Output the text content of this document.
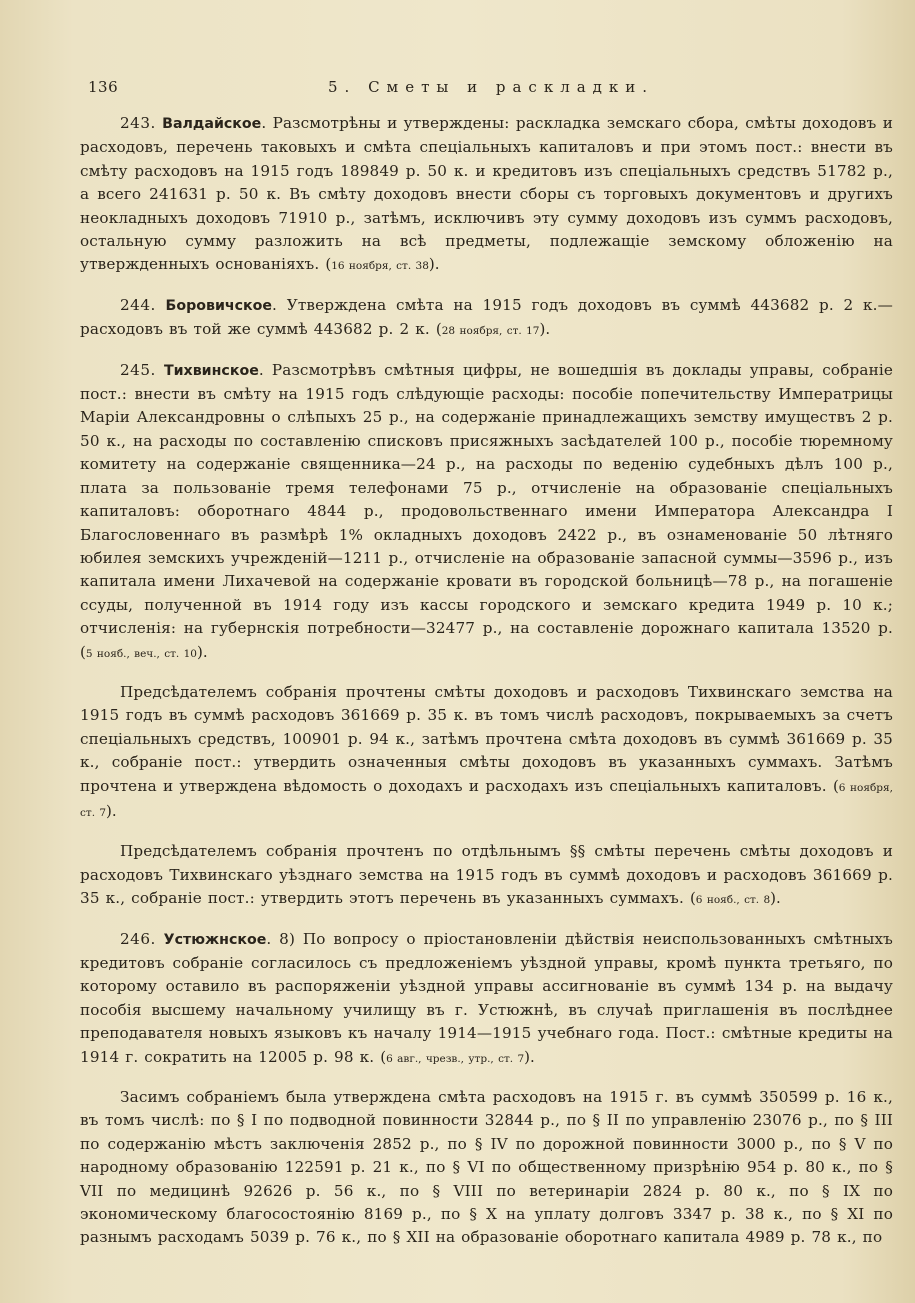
136	5. Сметы и раскладки.

243. Валдайское. Разсмотрѣны и утверждены: раскладка земскаго сбора, смѣты доходовъ и расходовъ, перечень таковыхъ и смѣта спеціальныхъ капиталовъ и при этомъ пост.: внести въ смѣту расходовъ на 1915 годъ 189849 р. 50 к. и кредитовъ изъ спеціальныхъ средствъ 51782 р., а всего 241631 р. 50 к. Въ смѣту доходовъ внести сборы съ торговыхъ документовъ и другихъ неокладныхъ доходовъ 71910 р., затѣмъ, исключивъ эту сумму доходовъ изъ суммъ расходовъ, остальную сумму разложить на всѣ предметы, подлежащіе земскому обложенію на утвержденныхъ основаніяхъ. ( 16 ноября, ст. 38 ).

244. Боровичское. Утверждена смѣта на 1915 годъ доходовъ въ суммѣ 443682 р. 2 к.—расходовъ въ той же суммѣ 443682 р. 2 к. ( 28 ноября, ст. 17 ).

245. Тихвинское. Разсмотрѣвъ смѣтныя цифры, не вошедшія въ доклады управы, собраніе пост.: внести въ смѣту на 1915 годъ слѣдующіе расходы: пособіе попечительству Императрицы Маріи Александровны о слѣпыхъ 25 р., на содержаніе принадлежащихъ земству имуществъ 2 р. 50 к., на расходы по составленію списковъ присяжныхъ засѣдателей 100 р., пособіе тюремному комитету на содержаніе священника—24 р., на расходы по веденію судебныхъ дѣлъ 100 р., плата за пользованіе тремя телефонами 75 р., отчисленіе на образованіе спеціальныхъ капиталовъ: оборотнаго 4844 р., продовольственнаго имени Императора Александра I Благословеннаго въ размѣрѣ 1% окладныхъ доходовъ 2422 р., въ ознаменованіе 50 лѣтняго юбилея земскихъ учрежденій—1211 р., отчисленіе на образованіе запасной суммы—3596 р., изъ капитала имени Лихачевой на содержаніе кровати въ городской больницѣ—78 р., на погашеніе ссуды, полученной въ 1914 году изъ кассы городского и земскаго кредита 1949 р. 10 к.; отчисленія: на губернскія потребности—32477 р., на составленіе дорожнаго капитала 13520 р. ( 5 нояб., веч., ст. 10 ).

Предсѣдателемъ собранія прочтены смѣты доходовъ и расходовъ Тихвинскаго земства на 1915 годъ въ суммѣ расходовъ 361669 р. 35 к. въ томъ числѣ расходовъ, покрываемыхъ за счетъ спеціальныхъ средствъ, 100901 р. 94 к., затѣмъ прочтена смѣта доходовъ въ суммѣ 361669 р. 35 к., собраніе пост.: утвердить означенныя смѣты доходовъ въ указанныхъ суммахъ. Затѣмъ прочтена и утверждена вѣдомость о доходахъ и расходахъ изъ спеціальныхъ капиталовъ. ( 6 ноября, ст. 7 ).

Предсѣдателемъ собранія прочтенъ по отдѣльнымъ §§ смѣты перечень смѣты доходовъ и расходовъ Тихвинскаго уѣзднаго земства на 1915 годъ въ суммѣ доходовъ и расходовъ 361669 р. 35 к., собраніе пост.: утвердить этотъ перечень въ указанныхъ суммахъ. ( 6 нояб., ст. 8 ).

246. Устюжнское. 8) По вопросу о пріостановленіи дѣйствія неиспользованныхъ смѣтныхъ кредитовъ собраніе согласилось съ предложеніемъ уѣздной управы, кромѣ пункта третьяго, по которому оставило въ распоряженіи уѣздной управы ассигнованіе въ суммѣ 134 р. на выдачу пособія высшему начальному училищу въ г. Устюжнѣ, въ случаѣ приглашенія въ послѣднее преподавателя новыхъ языковъ къ началу 1914—1915 учебнаго года. Пост.: смѣтные кредиты на 1914 г. сократить на 12005 р. 98 к. ( 6 авг., чрезв., утр., ст. 7 ).

Засимъ собраніемъ была утверждена смѣта расходовъ на 1915 г. въ суммѣ 350599 р. 16 к., въ томъ числѣ: по § I по подводной повинности 32844 р., по § II по управленію 23076 р., по § III по содержанію мѣстъ заключенія 2852 р., по § IV по дорожной повинности 3000 р., по § V по народному образованію 122591 р. 21 к., по § VI по общественному призрѣнію 954 р. 80 к., по § VII по медицинѣ 92626 р. 56 к., по § VIII по ветеринаріи 2824 р. 80 к., по § IX по экономическому благосостоянію 8169 р., по § X на уплату долговъ 3347 р. 38 к., по § XI по разнымъ расходамъ 5039 р. 76 к., по § XII на образованіе оборотнаго капитала 4989 р. 78 к., по
